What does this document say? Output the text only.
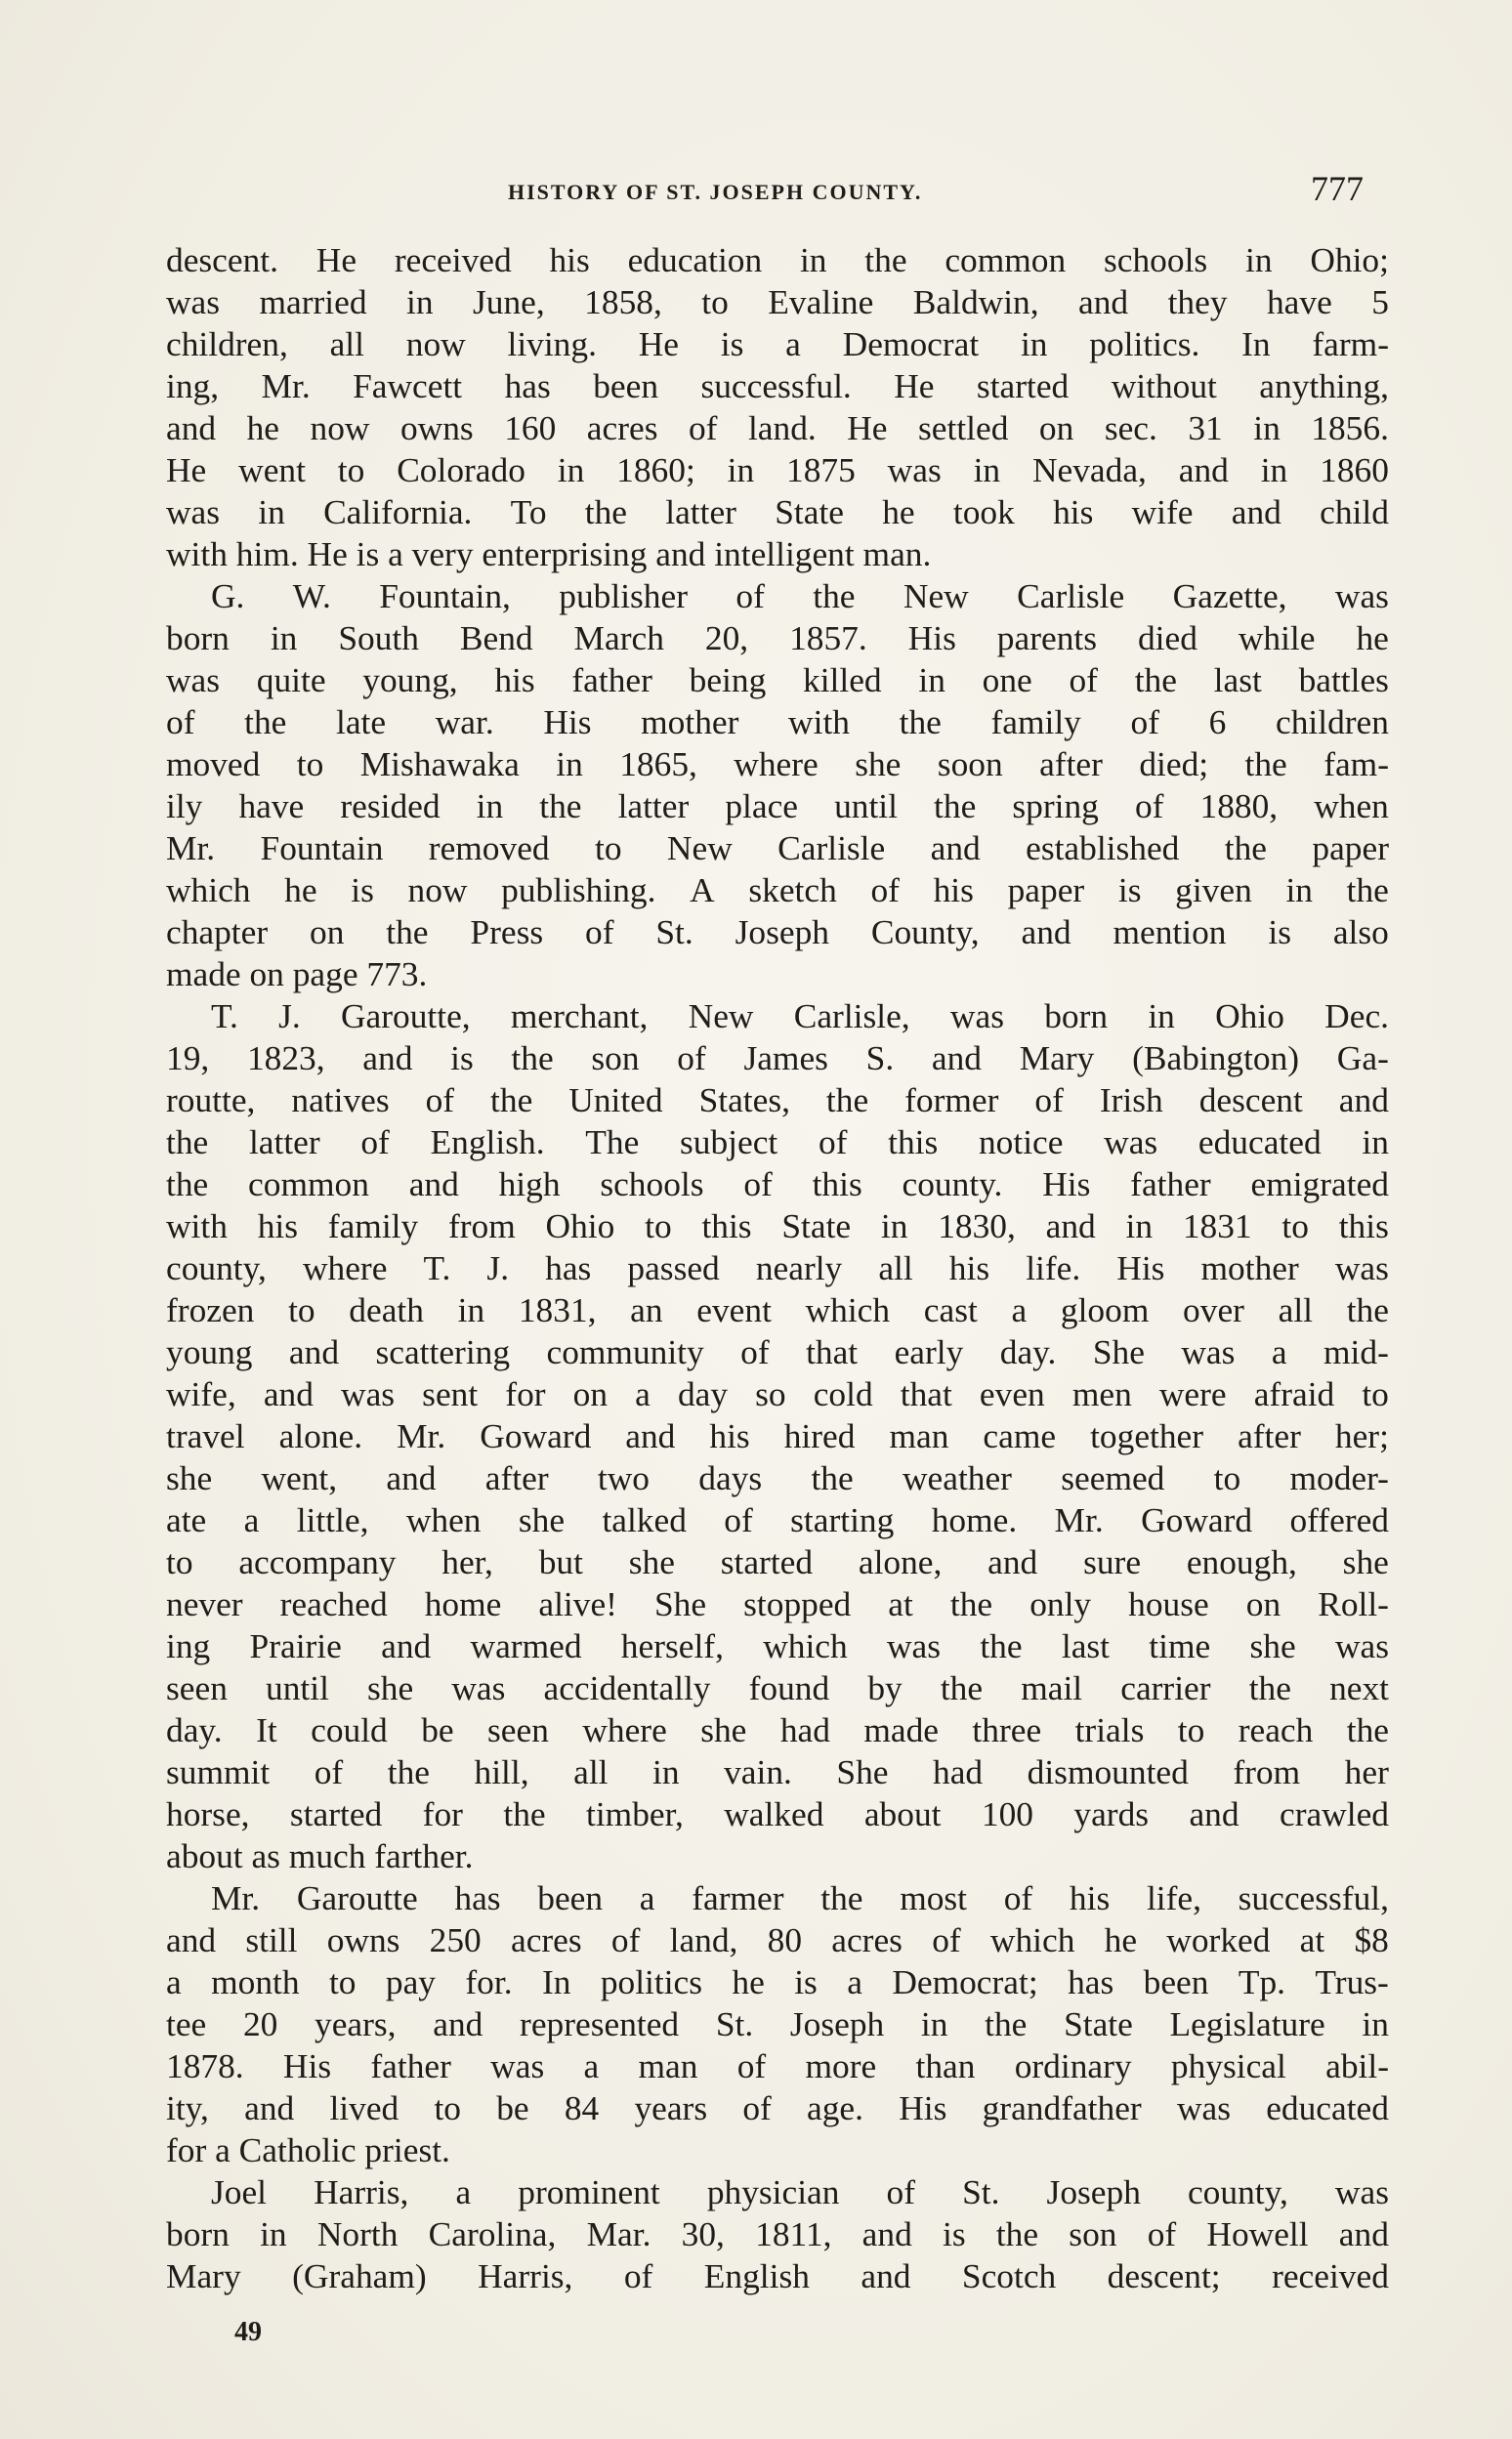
HISTORY OF ST. JOSEPH COUNTY.	777
descent. He received his education in the common schools in Ohio;
was married in June, 1858, to Evaline Baldwin, and they have 5
children, all now living. He is a Democrat in politics. In farm-
ing, Mr. Fawcett has been successful. He started without anything,
and he now owns 160 acres of land. He settled on sec. 31 in 1856.
He went to Colorado in 1860; in 1875 was in Nevada, and in 1860
was in California. To the latter State he took his wife and child
with him. He is a very enterprising and intelligent man.
G. W. Fountain, publisher of the New Carlisle Gazette, was
born in South Bend March 20, 1857. His parents died while he
was quite young, his father being killed in one of the last battles
of the late war. His mother with the family of 6 children
moved to Mishawaka in 1865, where she soon after died; the fam-
ily have resided in the latter place until the spring of 1880, when
Mr. Fountain removed to New Carlisle and established the paper
which he is now publishing. A sketch of his paper is given in the
chapter on the Press of St. Joseph County, and mention is also
made on page 773.
T. J. Garoutte, merchant, New Carlisle, was born in Ohio Dec.
19, 1823, and is the son of James S. and Mary (Babington) Ga-
routte, natives of the United States, the former of Irish descent and
the latter of English. The subject of this notice was educated in
the common and high schools of this county. His father emigrated
with his family from Ohio to this State in 1830, and in 1831 to this
county, where T. J. has passed nearly all his life. His mother was
frozen to death in 1831, an event which cast a gloom over all the
young and scattering community of that early day. She was a mid-
wife, and was sent for on a day so cold that even men were afraid to
travel alone. Mr. Goward and his hired man came together after her;
she went, and after two days the weather seemed to moder-
ate a little, when she talked of starting home. Mr. Goward offered
to accompany her, but she started alone, and sure enough, she
never reached home alive! She stopped at the only house on Roll-
ing Prairie and warmed herself, which was the last time she was
seen until she was accidentally found by the mail carrier the next
day. It could be seen where she had made three trials to reach the
summit of the hill, all in vain. She had dismounted from her
horse, started for the timber, walked about 100 yards and crawled
about as much farther.
Mr. Garoutte has been a farmer the most of his life, successful,
and still owns 250 acres of land, 80 acres of which he worked at $8
a month to pay for. In politics he is a Democrat; has been Tp. Trus-
tee 20 years, and represented St. Joseph in the State Legislature in
1878. His father was a man of more than ordinary physical abil-
ity, and lived to be 84 years of age. His grandfather was educated
for a Catholic priest.
Joel Harris, a prominent physician of St. Joseph county, was
born in North Carolina, Mar. 30, 1811, and is the son of Howell and
Mary (Graham) Harris, of English and Scotch descent; received
49
